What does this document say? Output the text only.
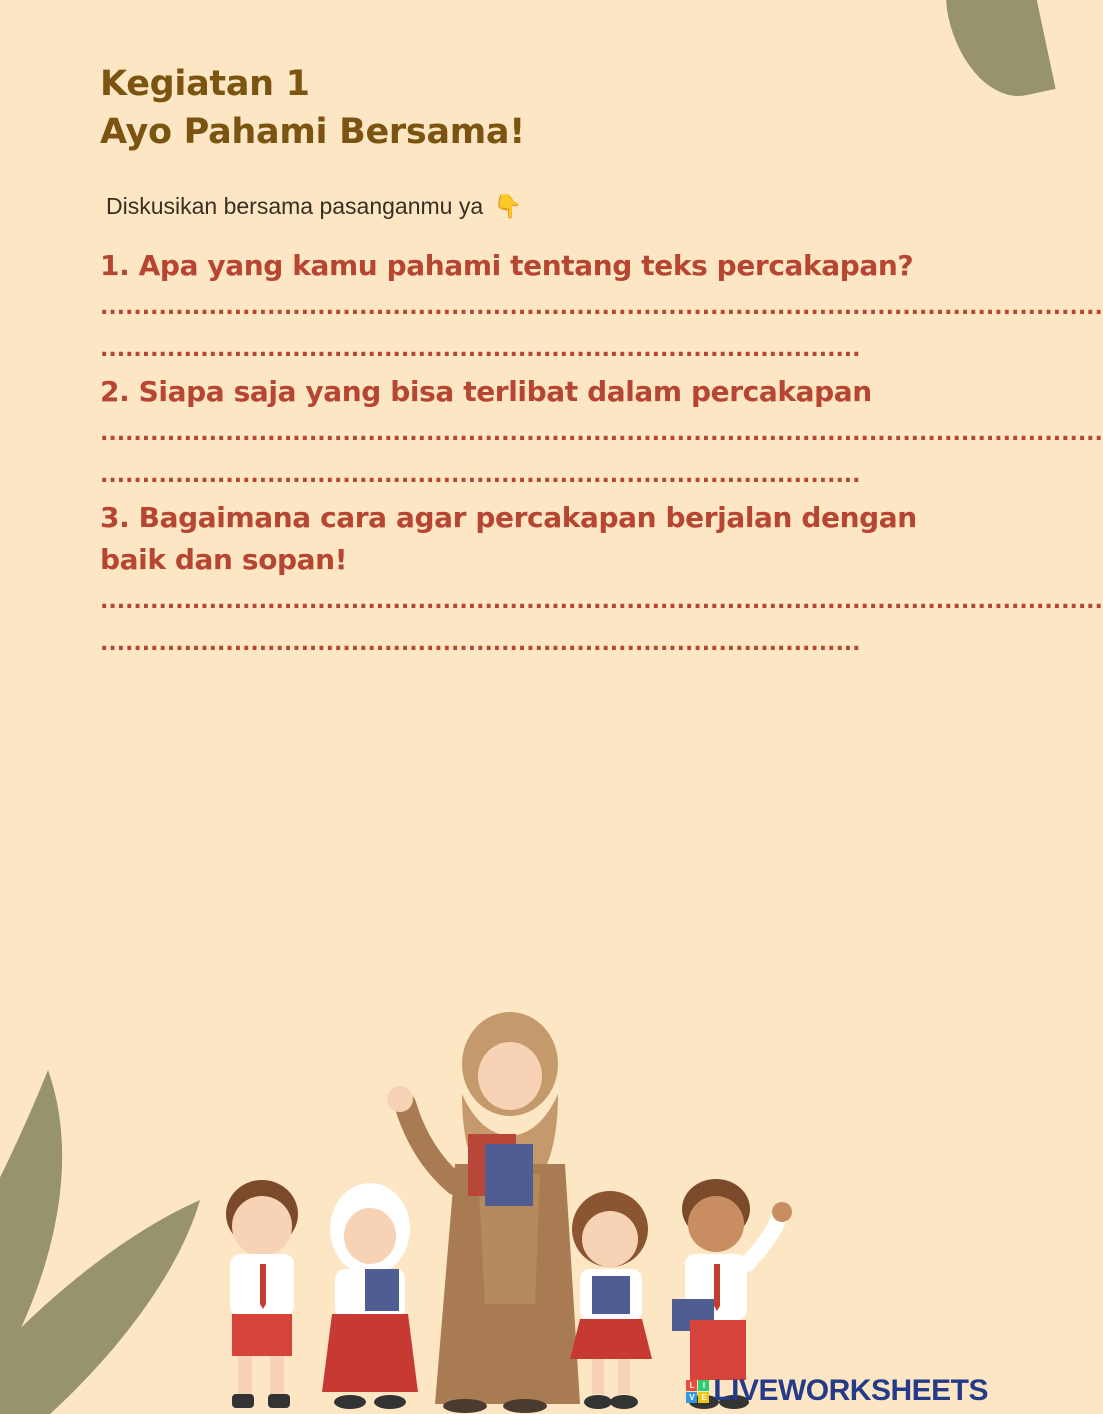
Kegiatan 1
Ayo Pahami Bersama!
Diskusikan bersama pasanganmu ya 👇
1. Apa yang kamu pahami tentang teks percakapan?
........................................................................................................................
...........................................................................................
2. Siapa saja yang bisa terlibat dalam percakapan
........................................................................................................................
...........................................................................................
3. Bagaimana cara agar percakapan berjalan dengan baik dan sopan!
........................................................................................................................
...........................................................................................
L	I
V E LIVEWORKSHEETS
